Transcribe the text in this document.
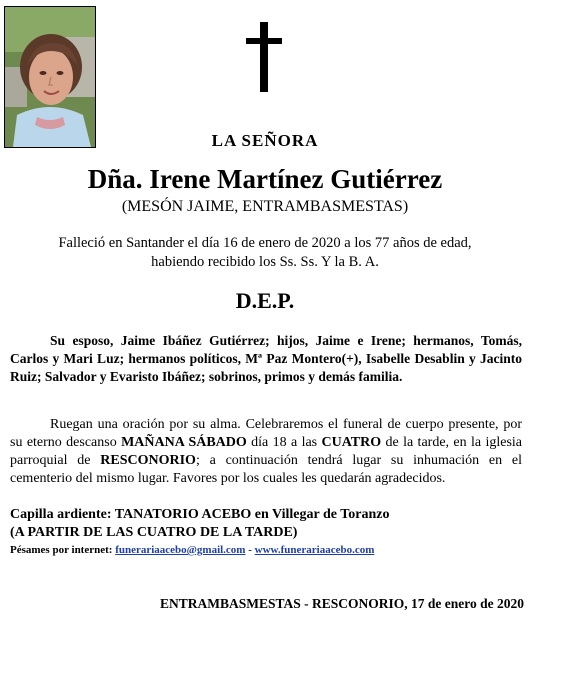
LA SEÑORA
Dña. Irene Martínez Gutiérrez
(MESÓN JAIME, ENTRAMBASMESTAS)
Falleció en Santander el día 16 de enero de 2020 a los 77 años de edad,
habiendo recibido los Ss. Ss. Y la B. A.
D.E.P.

Su esposo, Jaime Ibáñez Gutiérrez; hijos, Jaime e Irene; hermanos, Tomás, Carlos y Mari Luz; hermanos políticos, Mª Paz Montero(+), Isabelle Desablin y Jacinto Ruiz; Salvador y Evaristo Ibáñez; sobrinos, primos y demás familia.

Ruegan una oración por su alma. Celebraremos el funeral de cuerpo presente, por su eterno descanso MAÑANA SÁBADO día 18 a las CUATRO de la tarde, en la iglesia parroquial de RESCONORIO; a continuación tendrá lugar su inhumación en el cementerio del mismo lugar. Favores por los cuales les quedarán agradecidos.

Capilla ardiente: TANATORIO ACEBO en Villegar de Toranzo
(A PARTIR DE LAS CUATRO DE LA TARDE)
Pésames por internet: funerariaacebo@gmail.com - www.funerariaacebo.com
ENTRAMBASMESTAS - RESCONORIO, 17 de enero de 2020
